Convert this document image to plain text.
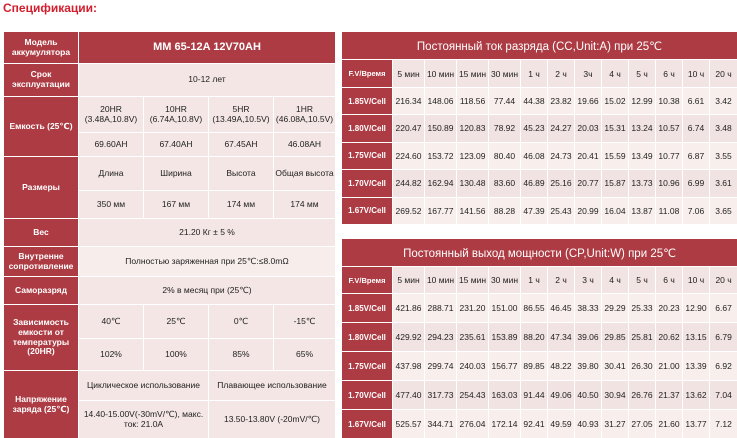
Спецификации:
Модель аккумулятора	MM 65-12A 12V70AH			
Срок эксплуатации	10-12 лет			
Емкость (25℃)	20HR (3.48A,10.8V)	10HR (6.74A,10.8V)	5HR (13.49A,10.5V)	1HR (46.08A,10.5V)
	69.60AH	67.40AH	67.45AH	46.08AH
Размеры	Длина	Ширина	Высота	Общая высота
	350 мм	167 мм	174 мм	174 мм
Вес	21.20 Кг ± 5 %			
Внутренне сопротивление	Полностью заряженная при 25℃:≤8.0mΩ			
Саморазряд	2% в месяц при (25℃)			
Зависимость емкости от температуры (20HR)	40℃	25℃	0℃	-15℃
	102%	100%	85%	65%
Напряжение заряда (25℃)	Циклическое использование		Плавающее использование	
	14.40-15.00V(-30mV/℃), макс. ток: 21.0A		13.50-13.80V (-20mV/℃)	
Постоянный ток разряда (CC,Unit:A) при 25℃												
F.V/Время	5 мин	10 мин	15 мин	30 мин	1 ч	2 ч	3ч	4 ч	5 ч	6 ч	10 ч	20 ч
1.85V/Cell	216.34	148.06	118.56	77.44	44.38	23.82	19.66	15.02	12.99	10.38	6.61	3.42
1.80V/Cell	220.47	150.89	120.83	78.92	45.23	24.27	20.03	15.31	13.24	10.57	6.74	3.48
1.75V/Cell	224.60	153.72	123.09	80.40	46.08	24.73	20.41	15.59	13.49	10.77	6.87	3.55
1.70V/Cell	244.82	162.94	130.48	83.60	46.89	25.16	20.77	15.87	13.73	10.96	6.99	3.61
1.67V/Cell	269.52	167.77	141.56	88.28	47.39	25.43	20.99	16.04	13.87	11.08	7.06	3.65
Постоянный выход мощности (CP,Unit:W) при 25℃												
F.V/Время	5 мин	10 мин	15 мин	30 мин	1 ч	2 ч	3 ч	4 ч	5 ч	6 ч	10 ч	20 ч
1.85V/Cell	421.86	288.71	231.20	151.00	86.55	46.45	38.33	29.29	25.33	20.23	12.90	6.67
1.80V/Cell	429.92	294.23	235.61	153.89	88.20	47.34	39.06	29.85	25.81	20.62	13.15	6.79
1.75V/Cell	437.98	299.74	240.03	156.77	89.85	48.22	39.80	30.41	26.30	21.00	13.39	6.92
1.70V/Cell	477.40	317.73	254.43	163.03	91.44	49.06	40.50	30.94	26.76	21.37	13.62	7.04
1.67V/Cell	525.57	344.71	276.04	172.14	92.41	49.59	40.93	31.27	27.05	21.60	13.77	7.12
